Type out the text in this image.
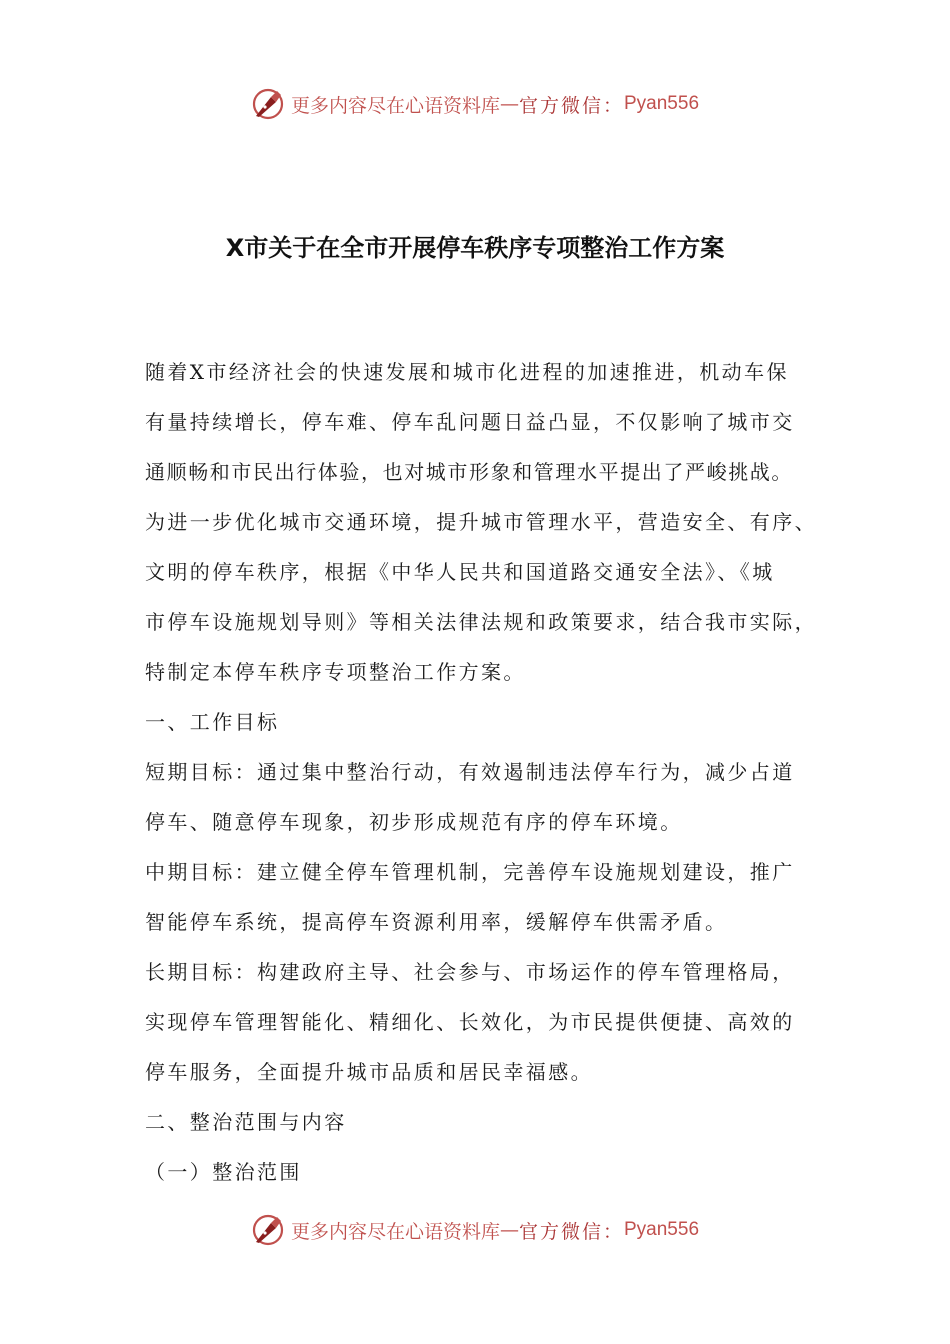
更多内容尽在心语资料库 — 官方微信： Pyan556
X市关于在全市开展停车秩序专项整治工作方案

随着X市经济社会的快速发展和城市化进程的加速推进，机动车保

有量持续增长，停车难、停车乱问题日益凸显，不仅影响了城市交

通顺畅和市民出行体验，也对城市形象和管理水平提出了严峻挑战。

为进一步优化城市交通环境，提升城市管理水平，营造安全、有序、

文明的停车秩序，根据《中华人民共和国道路交通安全法》、《城

市停车设施规划导则》等相关法律法规和政策要求，结合我市实际，

特制定本停车秩序专项整治工作方案。

一、工作目标

短期目标：通过集中整治行动，有效遏制违法停车行为，减少占道

停车、随意停车现象，初步形成规范有序的停车环境。

中期目标：建立健全停车管理机制，完善停车设施规划建设，推广

智能停车系统，提高停车资源利用率，缓解停车供需矛盾。

长期目标：构建政府主导、社会参与、市场运作的停车管理格局，

实现停车管理智能化、精细化、长效化，为市民提供便捷、高效的

停车服务，全面提升城市品质和居民幸福感。

二、整治范围与内容

（一）整治范围

更多内容尽在心语资料库 — 官方微信： Pyan556
